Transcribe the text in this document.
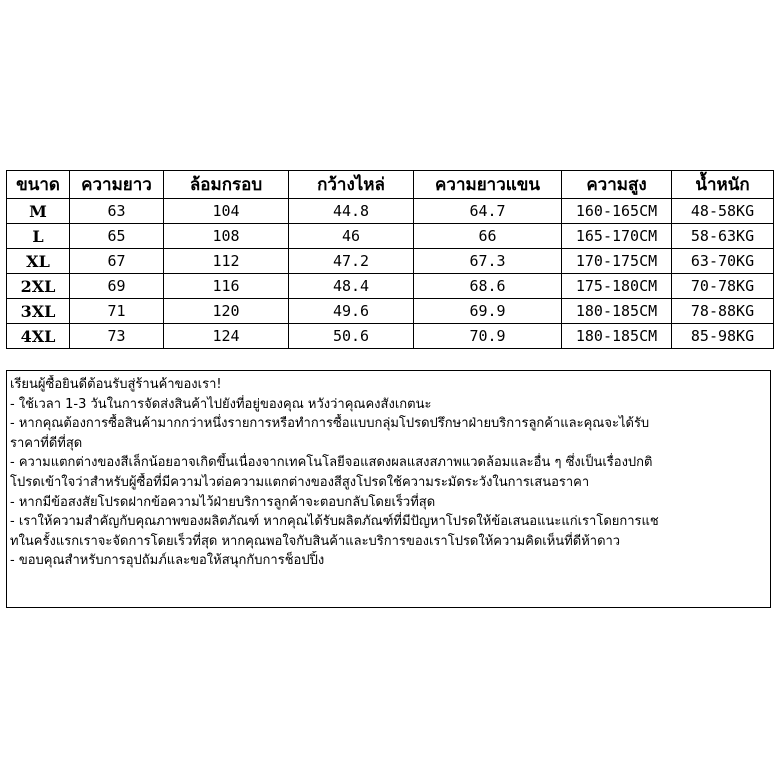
ขนาด	ความยาว	ล้อมกรอบ	กว้างไหล่	ความยาวแขน	ความสูง	น้ำหนัก
M	63	104	44.8	64.7	160-165CM	48-58KG
L	65	108	46	66	165-170CM	58-63KG
XL	67	112	47.2	67.3	170-175CM	63-70KG
2XL	69	116	48.4	68.6	175-180CM	70-78KG
3XL	71	120	49.6	69.9	180-185CM	78-88KG
4XL	73	124	50.6	70.9	180-185CM	85-98KG
เรียนผู้ซื้อยินดีต้อนรับสู่ร้านค้าของเรา!
- ใช้เวลา 1-3 วันในการจัดส่งสินค้าไปยังที่อยู่ของคุณ หวังว่าคุณคงสังเกตนะ
- หากคุณต้องการซื้อสินค้ามากกว่าหนึ่งรายการหรือทำการซื้อแบบกลุ่มโปรดปรึกษาฝ่ายบริการลูกค้าและคุณจะได้รับ
ราคาที่ดีที่สุด
- ความแตกต่างของสีเล็กน้อยอาจเกิดขึ้นเนื่องจากเทคโนโลยีจอแสดงผลแสงสภาพแวดล้อมและอื่น ๆ ซึ่งเป็นเรื่องปกติ
โปรดเข้าใจว่าสำหรับผู้ซื้อที่มีความไวต่อความแตกต่างของสีสูงโปรดใช้ความระมัดระวังในการเสนอราคา
- หากมีข้อสงสัยโปรดฝากข้อความไว้ฝ่ายบริการลูกค้าจะตอบกลับโดยเร็วที่สุด
- เราให้ความสำคัญกับคุณภาพของผลิตภัณฑ์ หากคุณได้รับผลิตภัณฑ์ที่มีปัญหาโปรดให้ข้อเสนอแนะแก่เราโดยการแช
ทในครั้งแรกเราจะจัดการโดยเร็วที่สุด หากคุณพอใจกับสินค้าและบริการของเราโปรดให้ความคิดเห็นที่ดีห้าดาว
- ขอบคุณสำหรับการอุปถัมภ์และขอให้สนุกกับการช็อปปิ้ง
